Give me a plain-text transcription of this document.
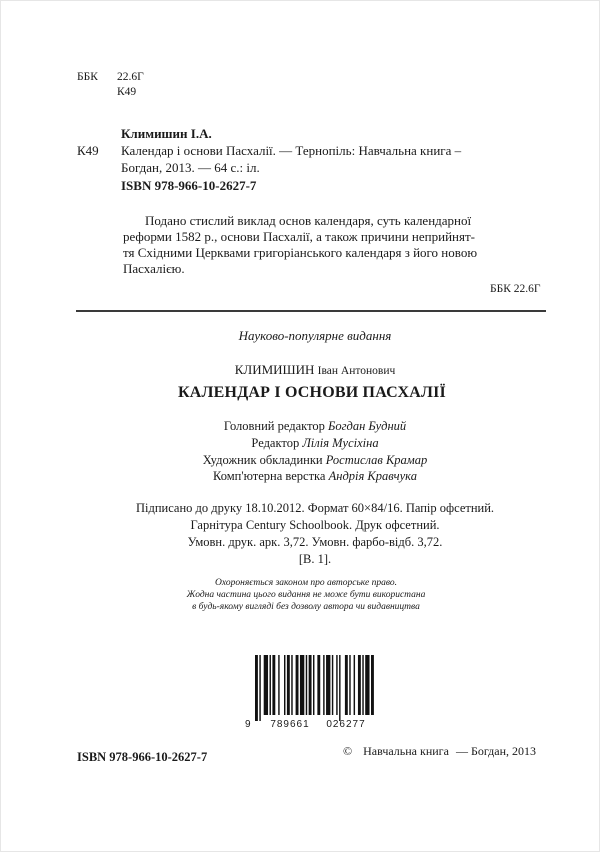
ББК 22.6Г
К49
Климишин І.А.
К49 Календар і основи Пасхалії. — Тернопіль: Навчальна книга –
Богдан, 2013. — 64 с.: іл.
ISBN 978-966-10-2627-7
Подано стислий виклад основ календаря, суть календарної
реформи 1582 р., основи Пасхалії, а також причини неприйнят-
тя Східними Церквами григоріанського календаря з його новою
Пасхалією.
ББК 22.6Г
Науково-популярне видання
КЛИМИШИН Іван Антонович
КАЛЕНДАР І ОСНОВИ ПАСХАЛІЇ
Головний редактор Богдан Будний
Редактор Лілія Мусіхіна
Художник обкладинки Ростислав Крамар
Комп'ютерна верстка Андрія Кравчука
Підписано до друку 18.10.2012. Формат 60×84/16. Папір офсетний.
Гарнітура Century Schoolbook. Друк офсетний.
Умовн. друк. арк. 3,72. Умовн. фарбо-відб. 3,72.
[В. 1].
Охороняється законом про авторське право.
Жодна частина цього видання не може бути використана
в будь-якому вигляді без дозволу автора чи видавництва
9	789661	026277
ISBN 978-966-10-2627-7	© Навчальна книга — Богдан, 2013
